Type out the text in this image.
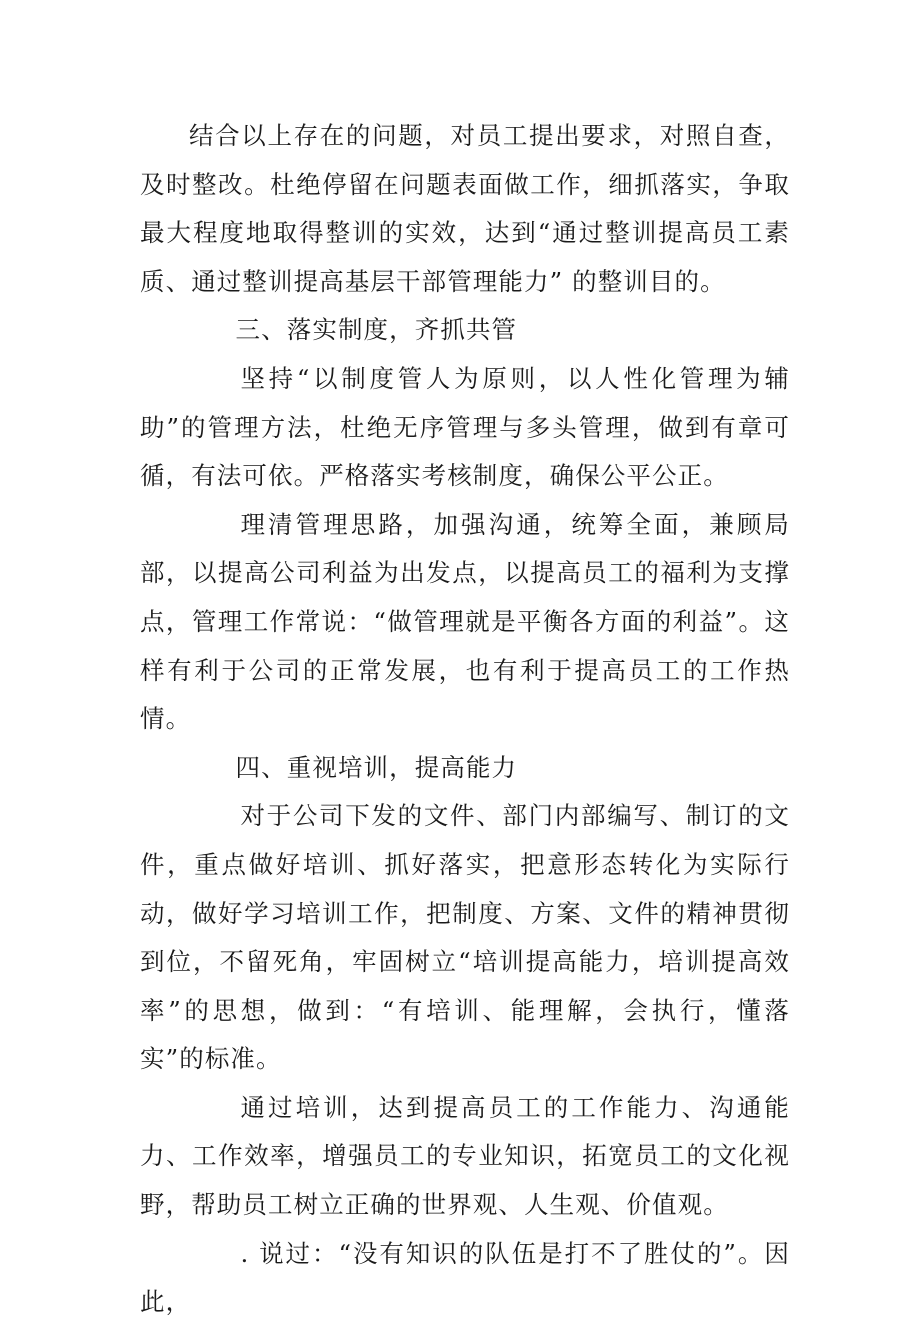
结合以上存在的问题，对员工提出要求，对照自查，及时整改。杜绝停留在问题表面做工作，细抓落实，争取最大程度地取得整训的实效，达到“通过整训提高员工素质、通过整训提高基层干部管理能力” 的整训目的。

三、落实制度，齐抓共管

坚持“以制度管人为原则，以人性化管理为辅助”的管理方法，杜绝无序管理与多头管理，做到有章可循，有法可依。严格落实考核制度，确保公平公正。

理清管理思路，加强沟通，统筹全面，兼顾局部，以提高公司利益为出发点，以提高员工的福利为支撑点，管理工作常说：“做管理就是平衡各方面的利益”。这样有利于公司的正常发展，也有利于提高员工的工作热情。

四、重视培训，提高能力

对于公司下发的文件、部门内部编写、制订的文件，重点做好培训、抓好落实，把意形态转化为实际行动，做好学习培训工作，把制度、方案、文件的精神贯彻到位，不留死角，牢固树立“培训提高能力，培训提高效率”的思想，做到：“有培训、能理解，会执行，懂落实”的标准。

通过培训，达到提高员工的工作能力、沟通能力、工作效率，增强员工的专业知识，拓宽员工的文化视野，帮助员工树立正确的世界观、人生观、价值观。

. 说过：“没有知识的队伍是打不了胜仗的”。因此，
